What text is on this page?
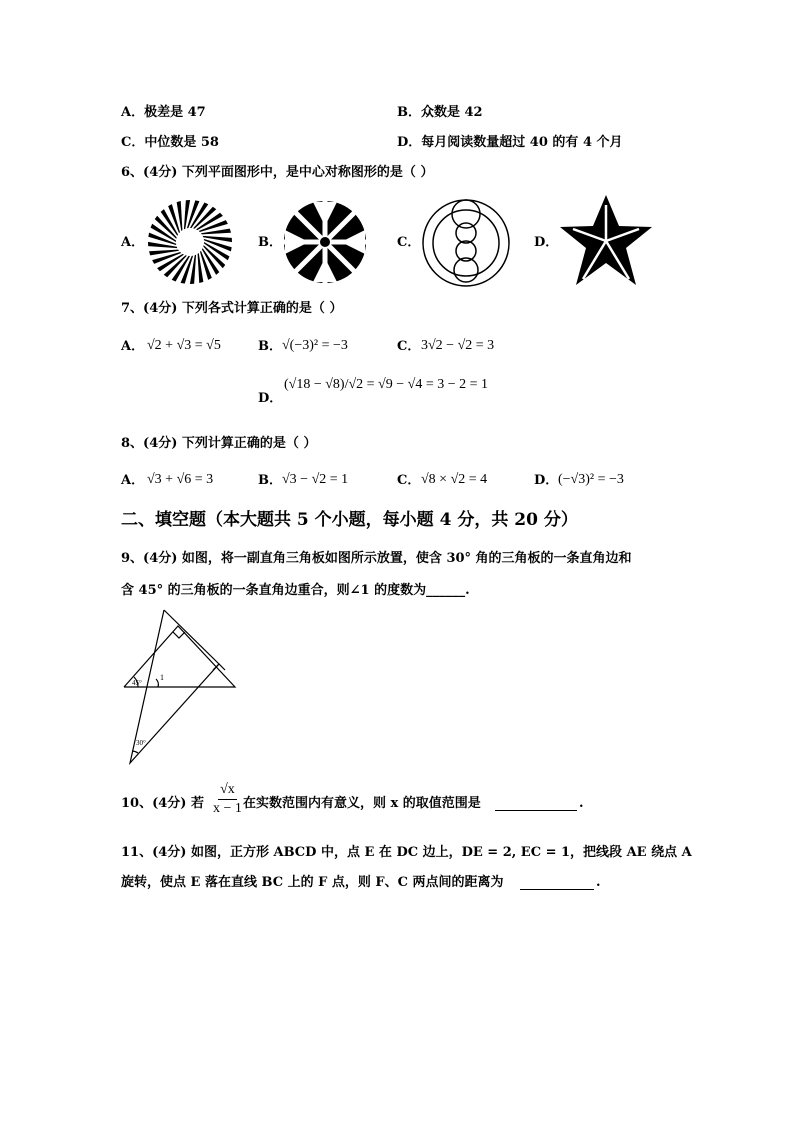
A．极差是 47	B．众数是 42
C．中位数是 58	D．每月阅读数量超过 40 的有 4 个月
6、(4分) 下列平面图形中，是中心对称图形的是（ ）
A．	B．	C．	D．
7、(4分) 下列各式计算正确的是（ ）
A． √2 + √3 = √5	B． √(−3)² = −3	C． 3√2 − √2 = 3
D．
(√18 − √8)/√2 = √9 − √4 = 3 − 2 = 1
8、(4分) 下列计算正确的是（ ）
A． √3 + √6 = 3	B． √3 − √2 = 1	C． √8 × √2 = 4	D． (−√3)² = −3
二、填空题（本大题共 5 个小题，每小题 4 分，共 20 分）
9、(4分) 如图，将一副直角三角板如图所示放置，使含 30° 角的三角板的一条直角边和
含 45° 的三角板的一条直角边重合，则∠1 的度数为______.
45°
1
30°
10、(4分) 若 $\frac{√x}{x - 1}$ 在实数范围内有意义，则 x 的取值范围是	.
11、(4分) 如图，正方形 ABCD 中，点 E 在 DC 边上，DE = 2, EC = 1，把线段 AE 绕点 A
旋转，使点 E 落在直线 BC 上的 F 点，则 F、C 两点间的距离为	.
